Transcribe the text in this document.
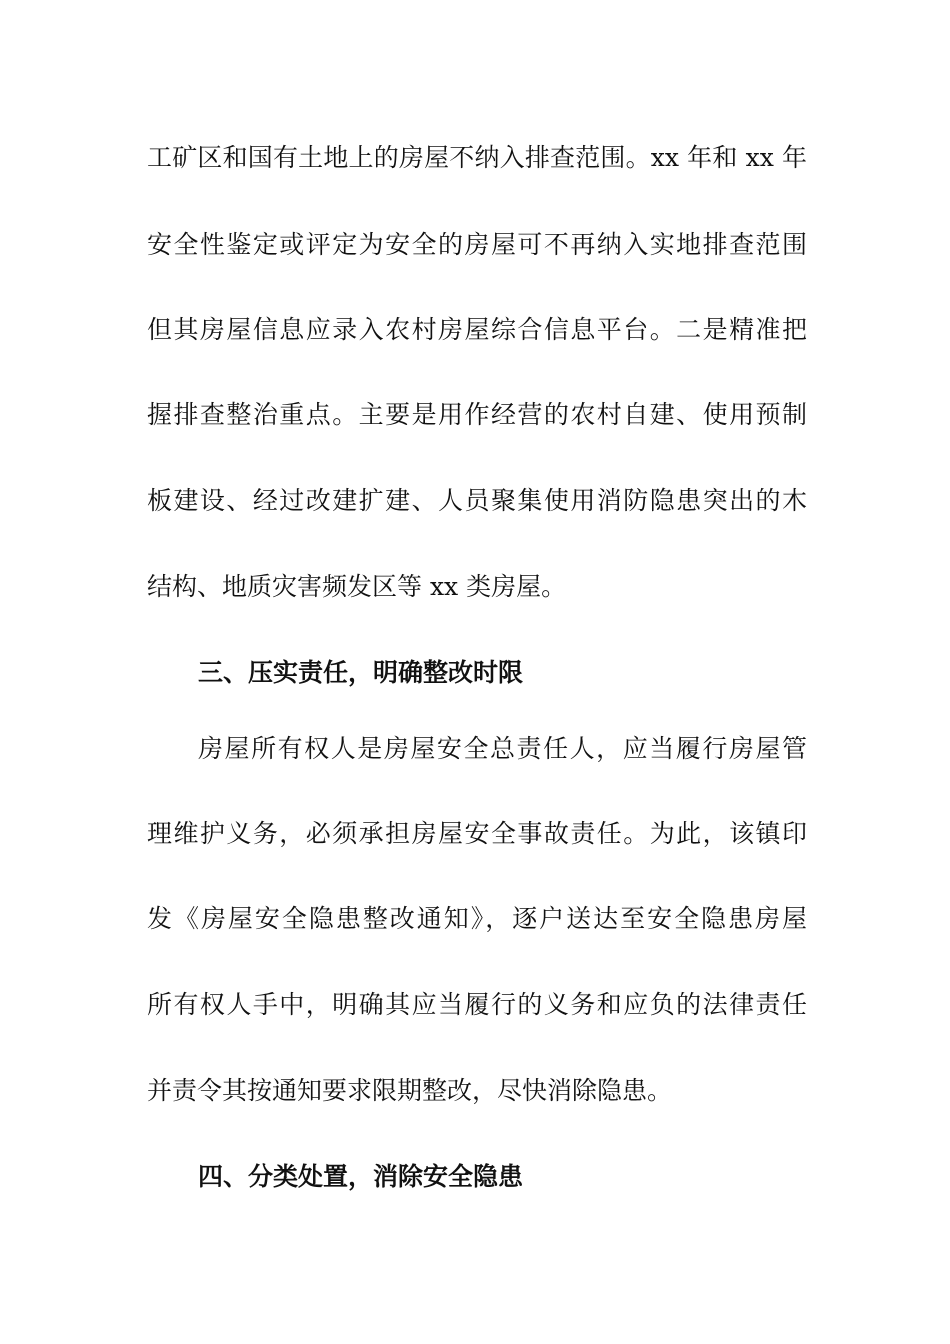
工矿区和国有土地上的房屋不纳入排查范围。xx 年和 xx 年
安全性鉴定或评定为安全的房屋可不再纳入实地排查范围
但其房屋信息应录入农村房屋综合信息平台。二是精准把
握排查整治重点。主要是用作经营的农村自建、使用预制
板建设、经过改建扩建、人员聚集使用消防隐患突出的木
结构、地质灾害频发区等 xx 类房屋。
三、压实责任，明确整改时限
房屋所有权人是房屋安全总责任人，应当履行房屋管
理维护义务，必须承担房屋安全事故责任。为此，该镇印
发《房屋安全隐患整改通知》，逐户送达至安全隐患房屋
所有权人手中，明确其应当履行的义务和应负的法律责任
并责令其按通知要求限期整改，尽快消除隐患。
四、分类处置，消除安全隐患
